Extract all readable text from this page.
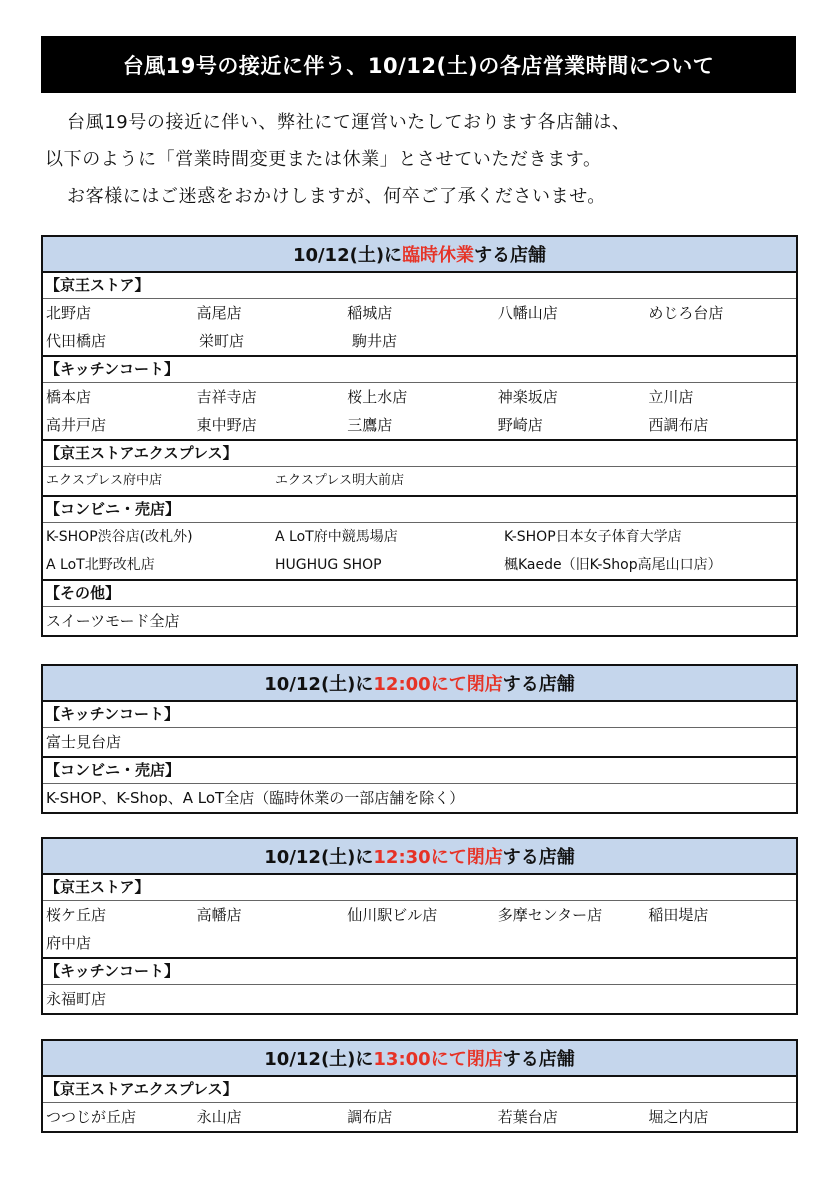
台風19号の接近に伴う、10/12(土)の各店営業時間について

台風19号の接近に伴い、弊社にて運営いたしております各店舗は、

以下のように「営業時間変更または休業」とさせていただきます。

お客様にはご迷惑をおかけしますが、何卒ご了承くださいませ。

10/12(土)に 臨時休業 する店舗
【京王ストア】
北野店	高尾店	稲城店	八幡山店	めじろ台店
代田橋店	栄町店	駒井店
【キッチンコート】
橋本店	吉祥寺店	桜上水店	神楽坂店	立川店
高井戸店	東中野店	三鷹店	野崎店	西調布店
【京王ストアエクスプレス】
エクスプレス府中店	エクスプレス明大前店
【コンビニ・売店】
K-SHOP渋谷店(改札外)	A LoT府中競馬場店	K-SHOP日本女子体育大学店
A LoT北野改札店	HUGHUG SHOP	楓Kaede（旧K-Shop高尾山口店）
【その他】
スイーツモード全店
10/12(土)に 12:00にて閉店 する店舗
【キッチンコート】
富士見台店
【コンビニ・売店】
K-SHOP、K-Shop、A LoT全店（臨時休業の一部店舗を除く）
10/12(土)に 12:30にて閉店 する店舗
【京王ストア】
桜ケ丘店	高幡店	仙川駅ビル店	多摩センター店	稲田堤店
府中店
【キッチンコート】
永福町店
10/12(土)に 13:00にて閉店 する店舗
【京王ストアエクスプレス】
つつじが丘店	永山店	調布店	若葉台店	堀之内店
